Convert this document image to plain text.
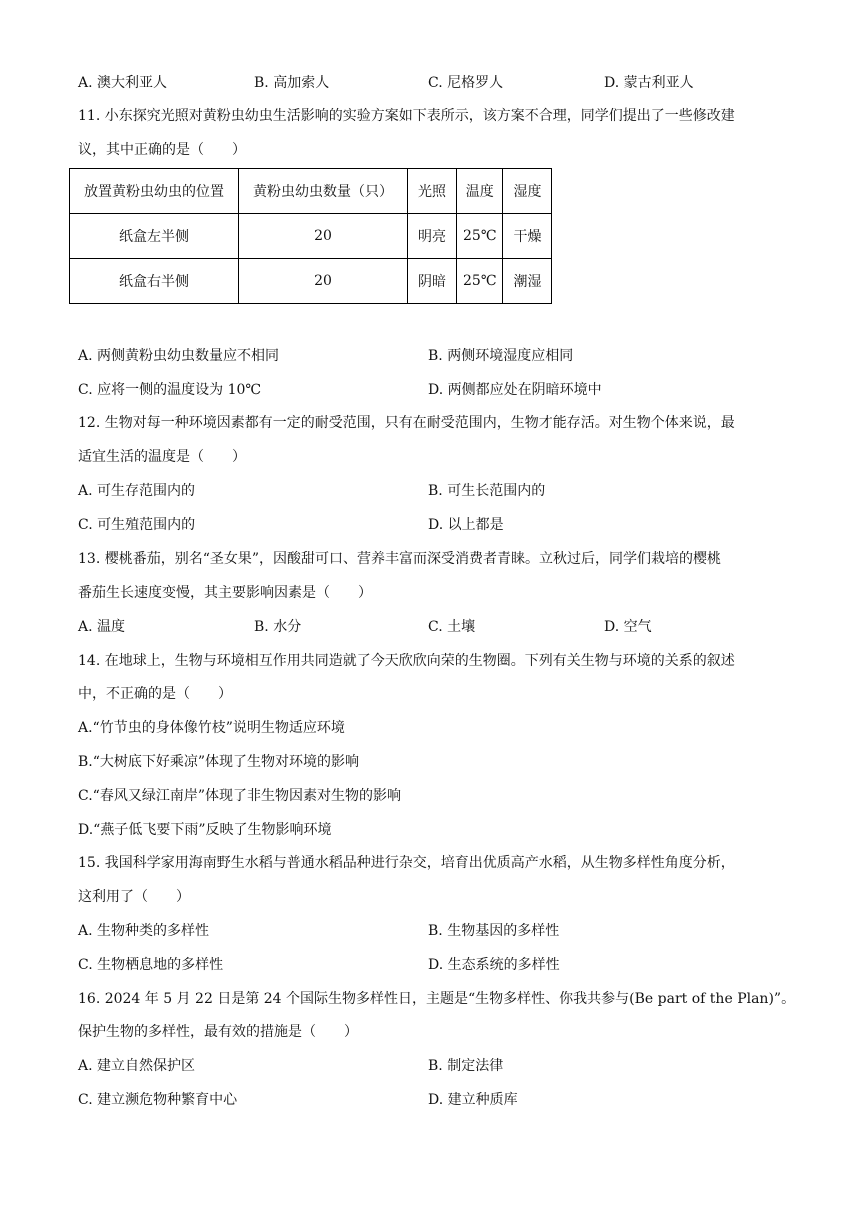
A. 澳大利亚人	B. 高加索人	C. 尼格罗人	D. 蒙古利亚人
11. 小东探究光照对黄粉虫幼虫生活影响的实验方案如下表所示，该方案不合理，同学们提出了一些修改建
议，其中正确的是（　　）
放置黄粉虫幼虫的位置	黄粉虫幼虫数量（只）	光照	温度	湿度
纸盒左半侧	20	明亮	25℃	干燥
纸盒右半侧	20	阴暗	25℃	潮湿
A. 两侧黄粉虫幼虫数量应不相同	B. 两侧环境湿度应相同
C. 应将一侧的温度设为 10℃	D. 两侧都应处在阴暗环境中
12. 生物对每一种环境因素都有一定的耐受范围，只有在耐受范围内，生物才能存活。对生物个体来说，最
适宜生活的温度是（　　）
A. 可生存范围内的	B. 可生长范围内的
C. 可生殖范围内的	D. 以上都是
13. 樱桃番茄，别名“圣女果”，因酸甜可口、营养丰富而深受消费者青睐。立秋过后，同学们栽培的樱桃
番茄生长速度变慢，其主要影响因素是（　　）
A. 温度	B. 水分	C. 土壤	D. 空气
14. 在地球上，生物与环境相互作用共同造就了今天欣欣向荣的生物圈。下列有关生物与环境的关系的叙述
中，不正确的是（　　）
A.“竹节虫的身体像竹枝”说明生物适应环境
B.“大树底下好乘凉”体现了生物对环境的影响
C.“春风又绿江南岸”体现了非生物因素对生物的影响
D.“燕子低飞要下雨”反映了生物影响环境
15. 我国科学家用海南野生水稻与普通水稻品种进行杂交，培育出优质高产水稻，从生物多样性角度分析，
这利用了（　　）
A. 生物种类的多样性	B. 生物基因的多样性
C. 生物栖息地的多样性	D. 生态系统的多样性
16. 2024 年 5 月 22 日是第 24 个国际生物多样性日，主题是“生物多样性、你我共参与(Be part of the Plan)”。
保护生物的多样性，最有效的措施是（　　）
A. 建立自然保护区	B. 制定法律
C. 建立濒危物种繁育中心	D. 建立种质库
